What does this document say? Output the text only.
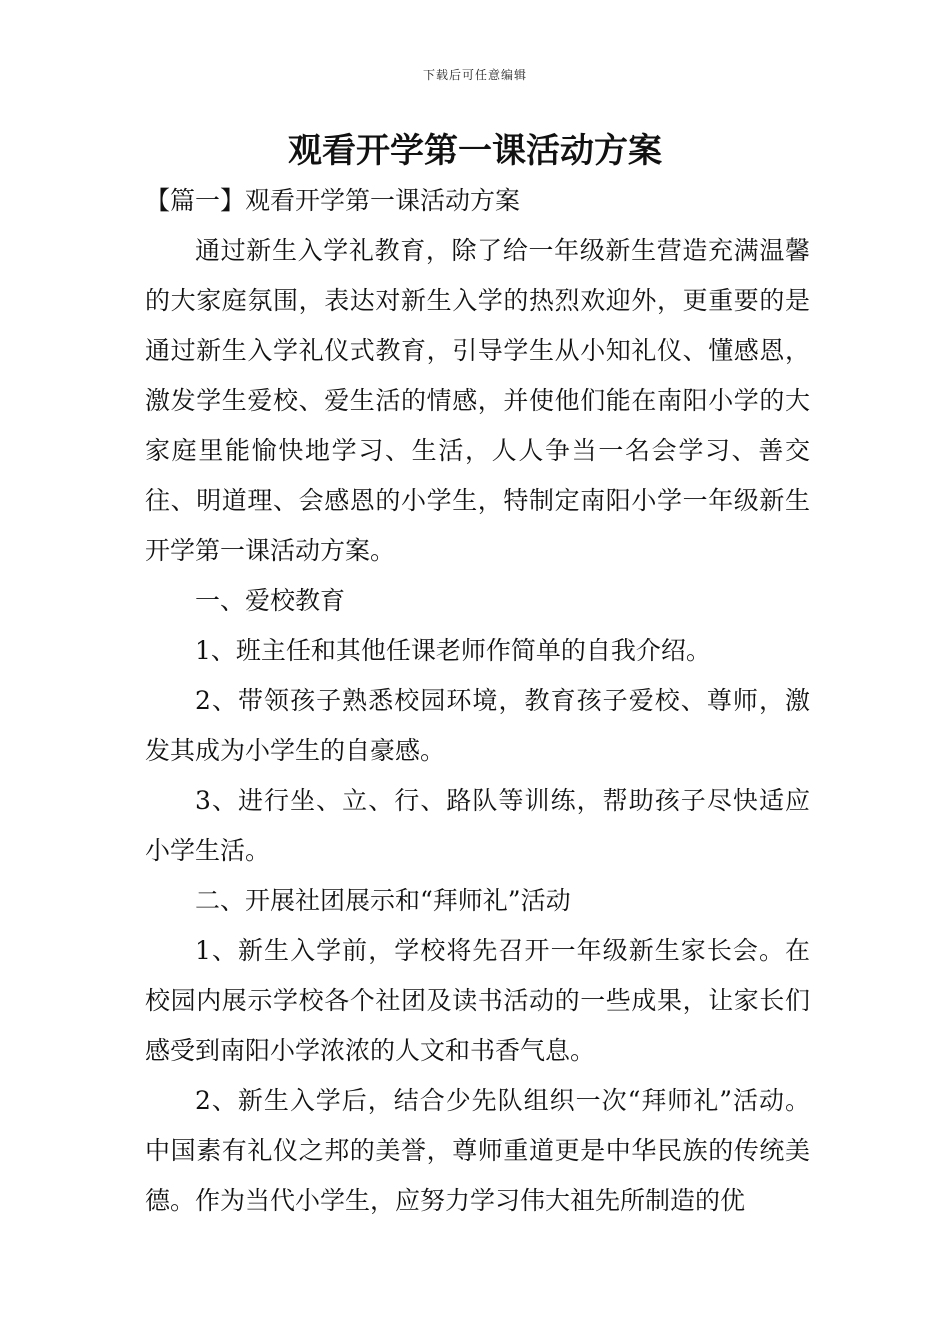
下载后可任意编辑
观看开学第一课活动方案

【篇一】观看开学第一课活动方案

通过新生入学礼教育，除了给一年级新生营造充满温馨的大家庭氛围，表达对新生入学的热烈欢迎外，更重要的是通过新生入学礼仪式教育，引导学生从小知礼仪、懂感恩，激发学生爱校、爱生活的情感，并使他们能在南阳小学的大家庭里能愉快地学习、生活，人人争当一名会学习、善交往、明道理、会感恩的小学生，特制定南阳小学一年级新生开学第一课活动方案。

一、爱校教育

1、班主任和其他任课老师作简单的自我介绍。

2、带领孩子熟悉校园环境，教育孩子爱校、尊师，激发其成为小学生的自豪感。

3、进行坐、立、行、路队等训练，帮助孩子尽快适应小学生活。

二、开展社团展示和“拜师礼”活动

1、新生入学前，学校将先召开一年级新生家长会。在校园内展示学校各个社团及读书活动的一些成果，让家长们感受到南阳小学浓浓的人文和书香气息。

2、新生入学后，结合少先队组织一次“拜师礼”活动。中国素有礼仪之邦的美誉，尊师重道更是中华民族的传统美德。作为当代小学生，应努力学习伟大祖先所制造的优
